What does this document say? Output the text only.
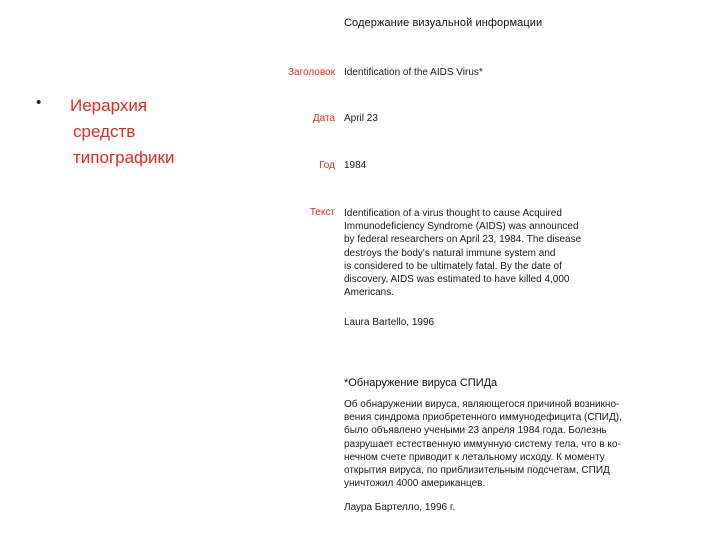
• Иерархия
средств
типографики
Содержание визуальной информации
Заголовок Identification of the AIDS Virus*
Дата April 23
Год 1984
Текст Identification of a virus thought to cause Acquired
Immunodeficiency Syndrome (AIDS) was announced
by federal researchers on April 23, 1984. The disease
destroys the body's natural immune system and
is considered to be ultimately fatal. By the date of
discovery, AIDS was estimated to have killed 4,000
Americans.
Laura Bartello, 1996
*Обнаружение вируса СПИДа
Об обнаружении вируса, являющегося причиной возникно-
вения синдрома приобретенного иммунодефицита (СПИД),
было объявлено учеными 23 апреля 1984 года. Болезнь
разрушает естественную иммунную систему тела, что в ко-
нечном счете приводит к летальному исходу. К моменту
открытия вируса, по приблизительным подсчетам, СПИД
уничтожил 4000 американцев.
Лаура Бартелло, 1996 г.
